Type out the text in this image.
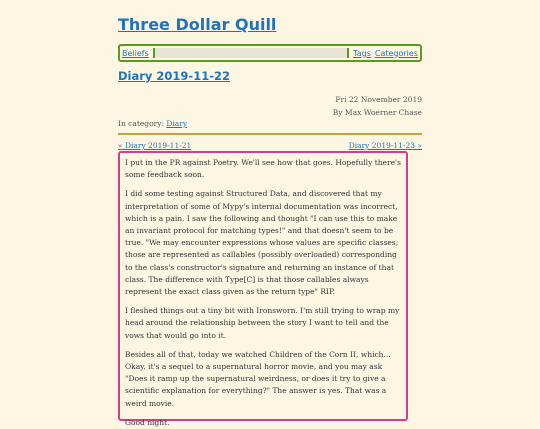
Three Dollar Quill
Beliefs	Tags Categories
Diary 2019-11-22
Fri 22 November 2019
By Max Woerner Chase
In category: Diary
« Diary 2019-11-21	Diary 2019-11-23 »

I put in the PR against Poetry. We'll see how that goes. Hopefully there's some feedback soon.

I did some testing against Structured Data, and discovered that my interpretation of some of Mypy's internal documentation was incorrect, which is a pain. I saw the following and thought "I can use this to make an invariant protocol for matching types!" and that doesn't seem to be true. "We may encounter expressions whose values are specific classes; those are represented as callables (possibly overloaded) corresponding to the class's constructor's signature and returning an instance of that class. The difference with Type[C] is that those callables always represent the exact class given as the return type" RIP.

I fleshed things out a tiny bit with Ironsworn. I'm still trying to wrap my head around the relationship between the story I want to tell and the vows that would go into it.

Besides all of that, today we watched Children of the Corn II, which... Okay, it's a sequel to a supernatural horror movie, and you may ask "Does it ramp up the supernatural weirdness, or does it try to give a scientific explanation for everything?" The answer is yes. That was a weird movie.

Good night.
